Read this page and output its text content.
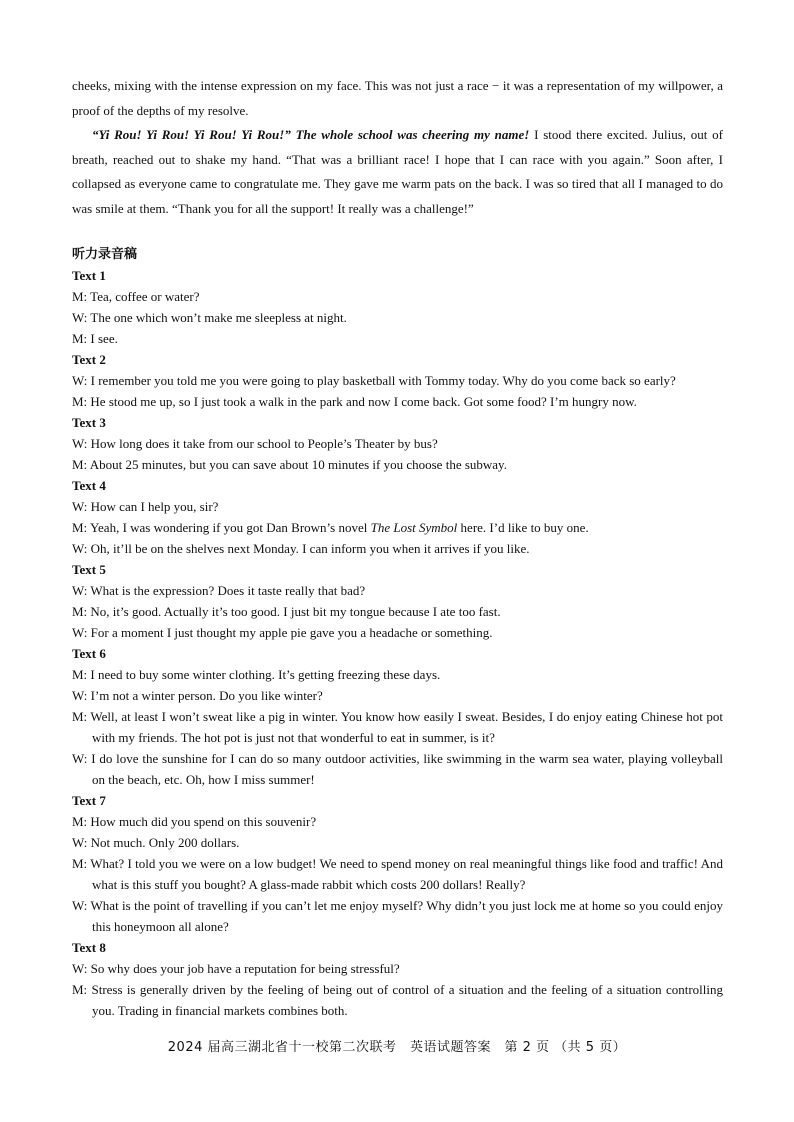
cheeks, mixing with the intense expression on my face. This was not just a race − it was a representation of my willpower, a proof of the depths of my resolve.

“Yi Rou! Yi Rou! Yi Rou! Yi Rou!” The whole school was cheering my name! I stood there excited. Julius, out of breath, reached out to shake my hand. “That was a brilliant race! I hope that I can race with you again.” Soon after, I collapsed as everyone came to congratulate me. They gave me warm pats on the back. I was so tired that all I managed to do was smile at them. “Thank you for all the support! It really was a challenge!”

听力录音稿
Text 1
M: Tea, coffee or water?
W: The one which won’t make me sleepless at night.
M: I see.
Text 2
W: I remember you told me you were going to play basketball with Tommy today. Why do you come back so early?
M: He stood me up, so I just took a walk in the park and now I come back. Got some food? I’m hungry now.
Text 3
W: How long does it take from our school to People’s Theater by bus?
M: About 25 minutes, but you can save about 10 minutes if you choose the subway.
Text 4
W: How can I help you, sir?
M: Yeah, I was wondering if you got Dan Brown’s novel The Lost Symbol here. I’d like to buy one.
W: Oh, it’ll be on the shelves next Monday. I can inform you when it arrives if you like.
Text 5
W: What is the expression? Does it taste really that bad?
M: No, it’s good. Actually it’s too good. I just bit my tongue because I ate too fast.
W: For a moment I just thought my apple pie gave you a headache or something.
Text 6
M: I need to buy some winter clothing. It’s getting freezing these days.
W: I’m not a winter person. Do you like winter?
M: Well, at least I won’t sweat like a pig in winter. You know how easily I sweat. Besides, I do enjoy eating Chinese hot pot with my friends. The hot pot is just not that wonderful to eat in summer, is it?
W: I do love the sunshine for I can do so many outdoor activities, like swimming in the warm sea water, playing volleyball on the beach, etc. Oh, how I miss summer!
Text 7
M: How much did you spend on this souvenir?
W: Not much. Only 200 dollars.
M: What? I told you we were on a low budget! We need to spend money on real meaningful things like food and traffic! And what is this stuff you bought? A glass-made rabbit which costs 200 dollars! Really?
W: What is the point of travelling if you can’t let me enjoy myself? Why didn’t you just lock me at home so you could enjoy this honeymoon all alone?
Text 8
W: So why does your job have a reputation for being stressful?
M: Stress is generally driven by the feeling of being out of control of a situation and the feeling of a situation controlling you. Trading in financial markets combines both.
2024 届高三湖北省十一校第二次联考　英语试题答案　第 2 页 （共 5 页）
